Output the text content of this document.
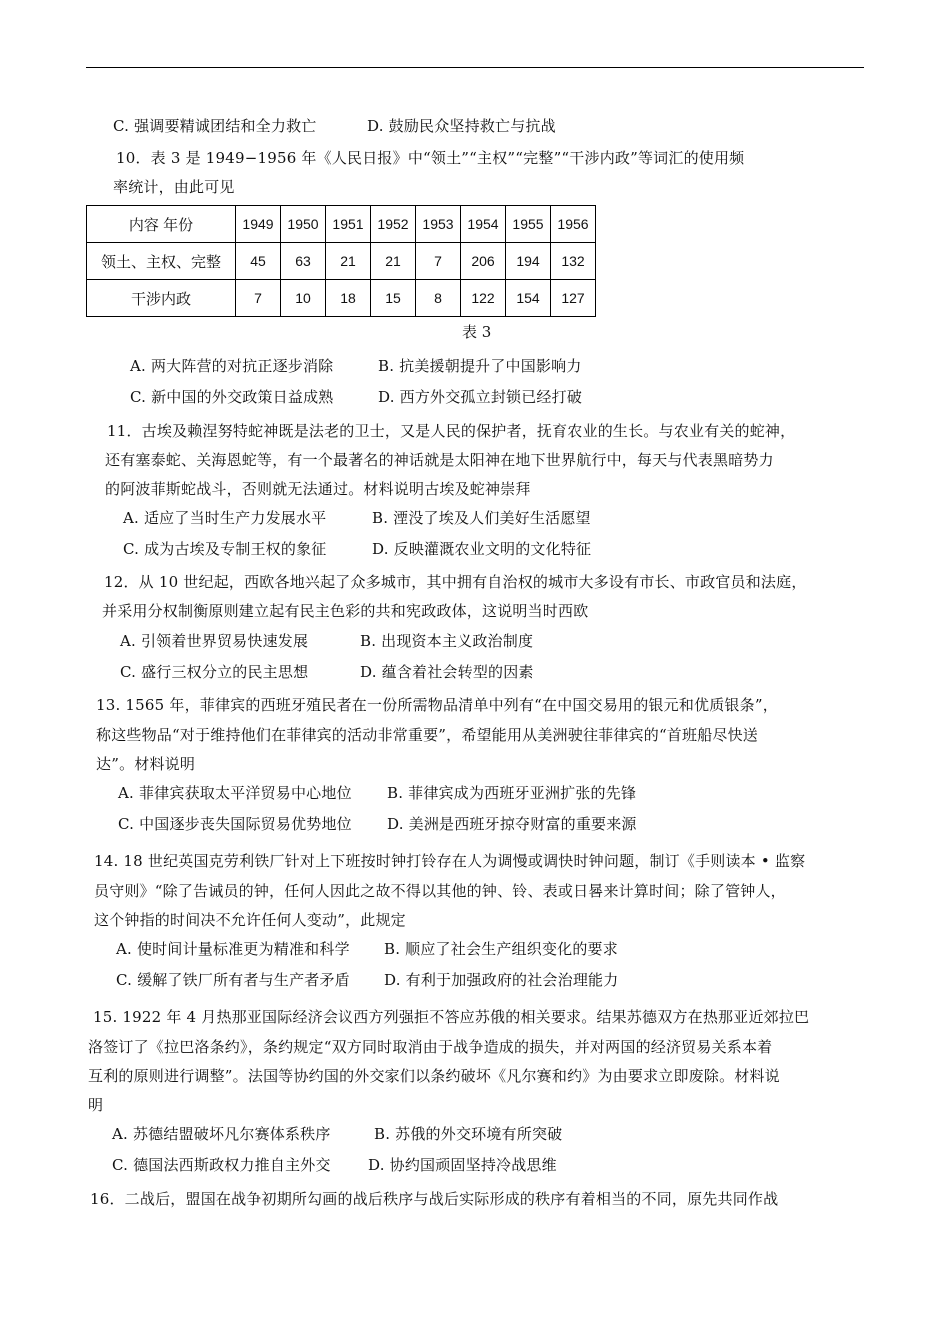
C. 强调要精诚团结和全力救亡	D. 鼓励民众坚持救亡与抗战
10．表 3 是 1949−1956 年《人民日报》中“领土”“主权”“完整”“干涉内政”等词汇的使用频
率统计，由此可见
内容 年份	1949	1950	1951	1952	1953	1954	1955	1956
领土、主权、完整	45	63	21	21	7	206	194	132
干涉内政	7	10	18	15	8	122	154	127
表 3
A. 两大阵营的对抗正逐步消除	B. 抗美援朝提升了中国影响力
C. 新中国的外交政策日益成熟	D. 西方外交孤立封锁已经打破
11．古埃及赖涅努特蛇神既是法老的卫士，又是人民的保护者，抚育农业的生长。与农业有关的蛇神，
还有塞泰蛇、关海恩蛇等，有一个最著名的神话就是太阳神在地下世界航行中，每天与代表黑暗势力
的阿波菲斯蛇战斗，否则就无法通过。材料说明古埃及蛇神崇拜
A. 适应了当时生产力发展水平	B. 湮没了埃及人们美好生活愿望
C. 成为古埃及专制王权的象征	D. 反映灌溉农业文明的文化特征
12．从 10 世纪起，西欧各地兴起了众多城市，其中拥有自治权的城市大多设有市长、市政官员和法庭，
并采用分权制衡原则建立起有民主色彩的共和宪政政体，这说明当时西欧
A. 引领着世界贸易快速发展	B. 出现资本主义政治制度
C. 盛行三权分立的民主思想	D. 蕴含着社会转型的因素
13. 1565 年，菲律宾的西班牙殖民者在一份所需物品清单中列有“在中国交易用的银元和优质银条”，
称这些物品“对于维持他们在菲律宾的活动非常重要”，希望能用从美洲驶往菲律宾的“首班船尽快送
达”。材料说明
A. 菲律宾获取太平洋贸易中心地位 B. 菲律宾成为西班牙亚洲扩张的先锋
C. 中国逐步丧失国际贸易优势地位 D. 美洲是西班牙掠夺财富的重要来源
14. 18 世纪英国克劳利铁厂针对上下班按时钟打铃存在人为调慢或调快时钟问题，制订《手则读本 • 监察
员守则》“除了告诫员的钟，任何人因此之故不得以其他的钟、铃、表或日晷来计算时间；除了管钟人，
这个钟指的时间决不允许任何人变动”，此规定
A. 使时间计量标准更为精准和科学 B. 顺应了社会生产组织变化的要求
C. 缓解了铁厂所有者与生产者矛盾 D. 有利于加强政府的社会治理能力
15. 1922 年 4 月热那亚国际经济会议西方列强拒不答应苏俄的相关要求。结果苏德双方在热那亚近郊拉巴
洛签订了《拉巴洛条约》，条约规定“双方同时取消由于战争造成的损失，并对两国的经济贸易关系本着
互利的原则进行调整”。法国等协约国的外交家们以条约破坏《凡尔赛和约》为由要求立即废除。材料说
明
A. 苏德结盟破坏凡尔赛体系秩序	B. 苏俄的外交环境有所突破
C. 德国法西斯政权力推自主外交 D. 协约国顽固坚持冷战思维
16．二战后，盟国在战争初期所勾画的战后秩序与战后实际形成的秩序有着相当的不同，原先共同作战
